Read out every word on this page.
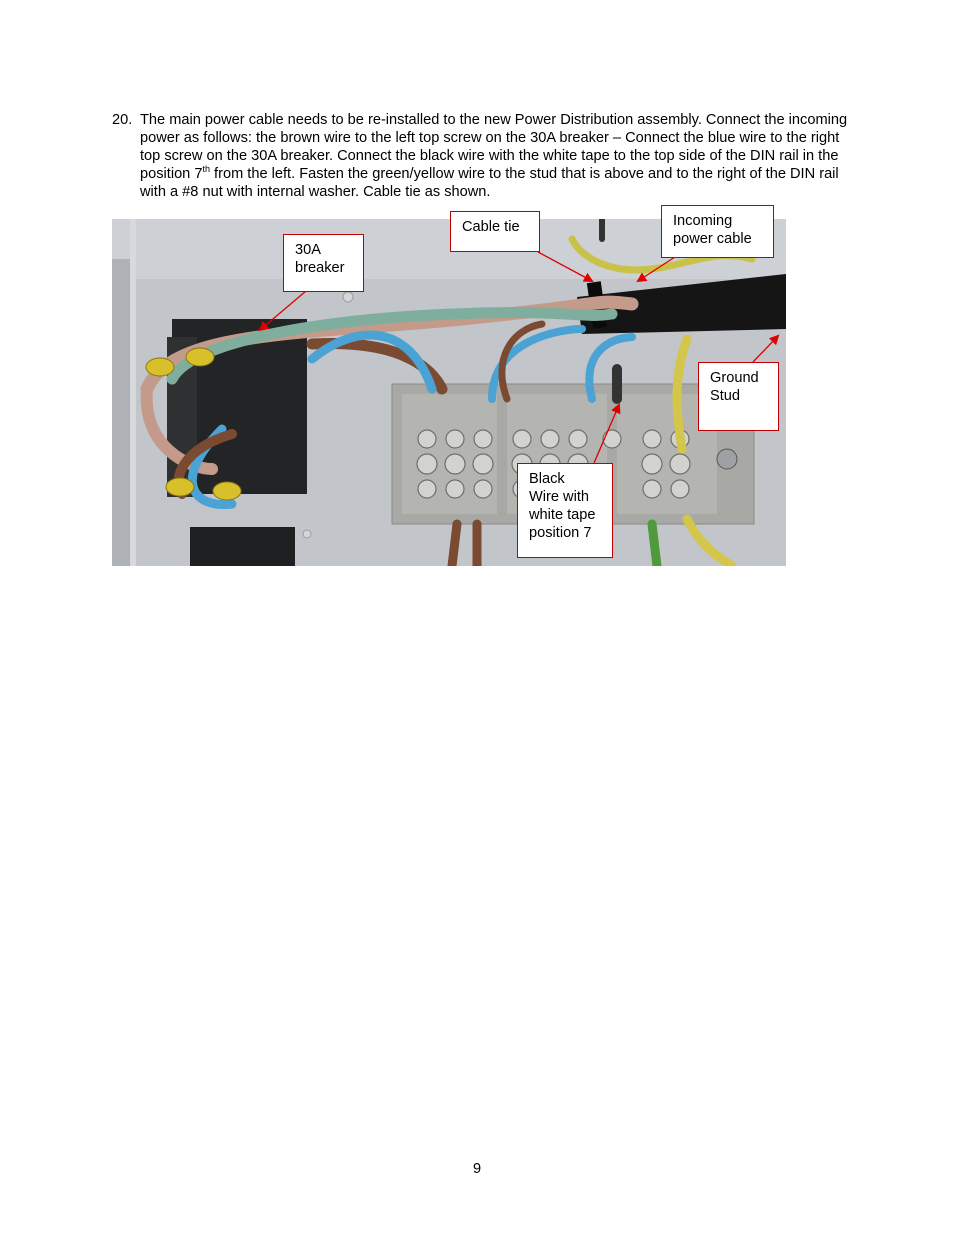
20. The main power cable needs to be re-installed to the new Power Distribution assembly. Connect the incoming power as follows: the brown wire to the left top screw on the 30A breaker – Connect the blue wire to the right top screw on the 30A breaker. Connect the black wire with the white tape to the top side of the DIN rail in the position 7th from the left. Fasten the green/yellow wire to the stud that is above and to the right of the DIN rail with a #8 nut with internal washer. Cable tie as shown.
30A
breaker
Cable tie	Incoming
power cable
Ground
Stud
Black
Wire with
white tape
position 7
9
